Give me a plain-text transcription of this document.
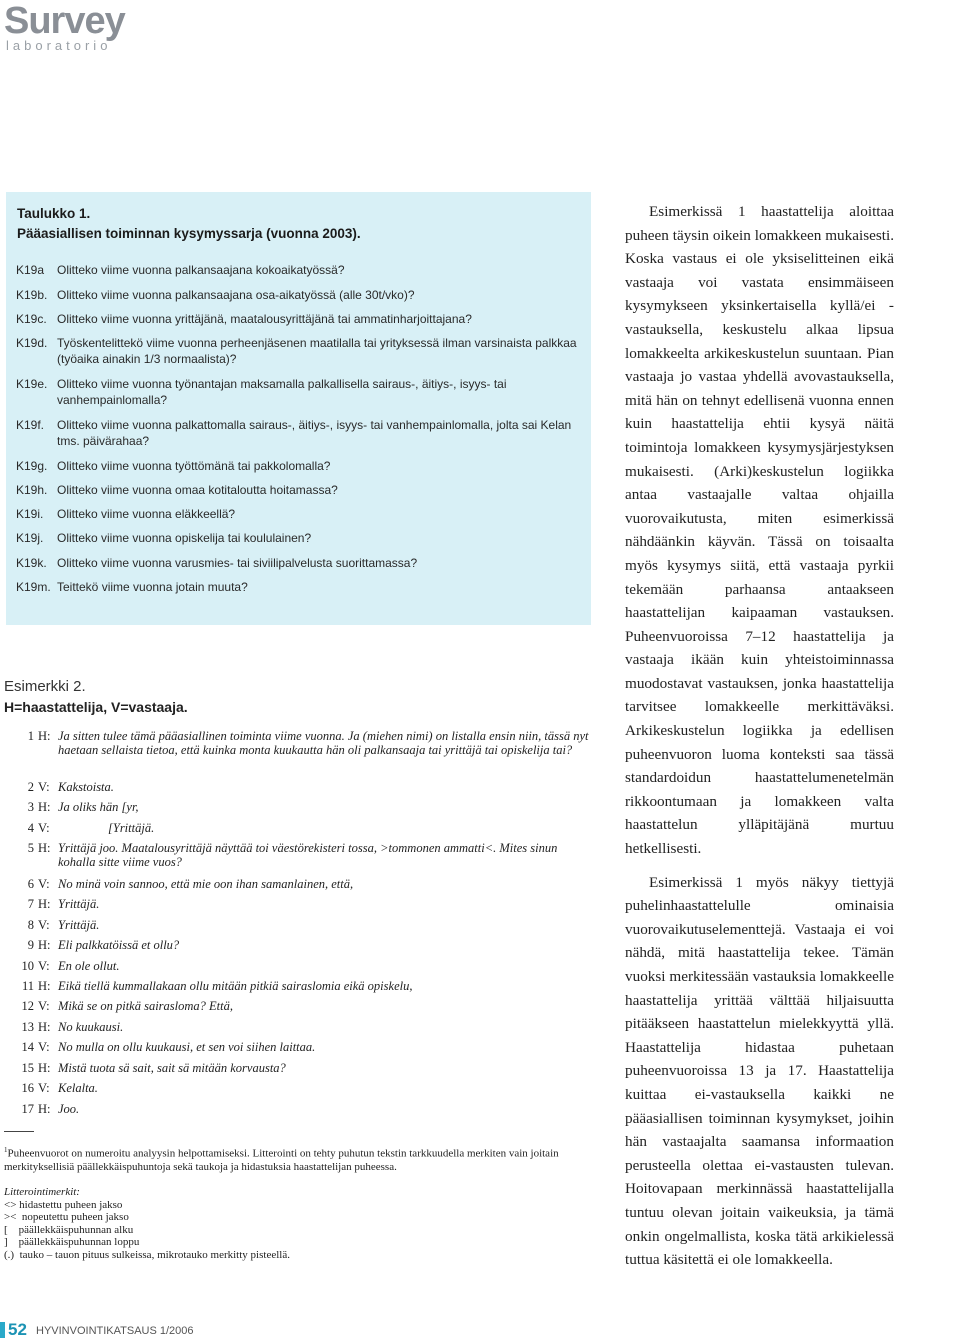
Survey
laboratorio
Taulukko 1.
Pääasiallisen toiminnan kysymyssarja (vuonna 2003).
K19a Olitteko viime vuonna palkansaajana kokoaikatyössä?
K19b. Olitteko viime vuonna palkansaajana osa-aikatyössä (alle 30t/vko)?
K19c. Olitteko viime vuonna yrittäjänä, maatalousyrittäjänä tai ammatinharjoittajana?
K19d. Työskentelittekö viime vuonna perheenjäsenen maatilalla tai yrityksessä ilman varsinaista palkkaa (työaika ainakin 1/3 normaalista)?
K19e. Olitteko viime vuonna työnantajan maksamalla palkallisella sairaus-, äitiys-, isyys- tai vanhempainlomalla?
K19f. Olitteko viime vuonna palkattomalla sairaus-, äitiys-, isyys- tai vanhempainlomalla, jolta sai Kelan tms. päivärahaa?
K19g. Olitteko viime vuonna työttömänä tai pakkolomalla?
K19h. Olitteko viime vuonna omaa kotitaloutta hoitamassa?
K19i. Olitteko viime vuonna eläkkeellä?
K19j. Olitteko viime vuonna opiskelija tai koululainen?
K19k. Olitteko viime vuonna varusmies- tai siviilipalvelusta suorittamassa?
K19m. Teittekö viime vuonna jotain muuta?
Esimerkki 2.
H=haastattelija, V=vastaaja.
1 H: Ja sitten tulee tämä pääasiallinen toiminta viime vuonna. Ja (miehen nimi) on listalla ensin niin, tässä nyt haetaan sellaista tietoa, että kuinka monta kuukautta hän oli palkansaaja tai yrittäjä tai opiskelija tai?
2 V: Kakstoista.
3 H: Ja oliks hän [yr,
4 V: [Yrittäjä.
5 H: Yrittäjä joo. Maatalousyrittäjä näyttää toi väestörekisteri tossa, >tommonen ammatti<. Mites sinun kohalla sitte viime vuos?
6 V: No minä voin sannoo, että mie oon ihan samanlainen, että,
7 H: Yrittäjä.
8 V: Yrittäjä.
9 H: Eli palkkatöissä et ollu?
10 V: En ole ollut.
11 H: Eikä tiellä kummallakaan ollu mitään pitkiä sairaslomia eikä opiskelu,
12 V: Mikä se on pitkä sairasloma? Että,
13 H: No kuukausi.
14 V: No mulla on ollu kuukausi, et sen voi siihen laittaa.
15 H: Mistä tuota sä sait, sait sä mitään korvausta?
16 V: Kelalta.
17 H: Joo.
$^1$Puheenvuorot on numeroitu analyysin helpottamiseksi. Litterointi on tehty puhutun tekstin tarkkuudella merkiten vain joitain merkityksellisiä päällekkäispuhuntoja sekä taukoja ja hidastuksia haastattelijan puheessa.
Litterointimerkit:
<> hidastettu puheen jakso
><  nopeutettu puheen jakso
[    päällekkäispuhunnan alku
]    päällekkäispuhunnan loppu
(.)  tauko – tauon pituus sulkeissa, mikrotauko merkitty pisteellä.

Esimerkissä 1 haastattelija aloittaa puheen täysin oikein lomakkeen mukaisesti. Koska vastaus ei ole yksiselitteinen eikä vastaaja voi vastata ensimmäiseen kysymykseen yksinkertaisella kyllä/ei -vastauksella, keskustelu alkaa lipsua lomakkeelta arkikeskustelun suuntaan. Pian vastaaja jo vastaa yhdellä avovastauksella, mitä hän on tehnyt edellisenä vuonna ennen kuin haastattelija ehtii kysyä näitä toimintoja lomakkeen kysymysjärjestyksen mukaisesti. (Arki)keskustelun logiikka antaa vastaajalle valtaa ohjailla vuorovaikutusta, miten esimerkissä nähdäänkin käyvän. Tässä on toisaalta myös kysymys siitä, että vastaaja pyrkii tekemään parhaansa antaakseen haastattelijan kaipaaman vastauksen. Puheenvuoroissa 7–12 haastattelija ja vastaaja ikään kuin yhteistoiminnassa muodostavat vastauksen, jonka haastattelija tarvitsee lomakkeelle merkittäväksi. Arkikeskustelun logiikka ja edellisen puheenvuoron luoma konteksti saa tässä standardoidun haastattelumenetelmän rikkoontumaan ja lomakkeen valta haastattelun ylläpitäjänä murtuu hetkellisesti.

Esimerkissä 1 myös näkyy tiettyjä puhelinhaastattelulle ominaisia vuorovaikutuselementtejä. Vastaaja ei voi nähdä, mitä haastattelija tekee. Tämän vuoksi merkitessään vastauksia lomakkeelle haastattelija yrittää välttää hiljaisuutta pitääkseen haastattelun mielekkyyttä yllä. Haastattelija hidastaa puhetaan puheenvuoroissa 13 ja 17. Haastattelija kuittaa ei-vastauksella kaikki ne pääasiallisen toiminnan kysymykset, joihin hän vastaajalta saamansa informaation perusteella olettaa ei-vastausten tulevan. Hoitovapaan merkinnässä haastattelijalla tuntuu olevan joitain vaikeuksia, ja tämä onkin ongelmallista, koska tätä arkikielessä tuttua käsitettä ei ole lomakkeella.

52 HYVINVOINTIKATSAUS 1/2006
